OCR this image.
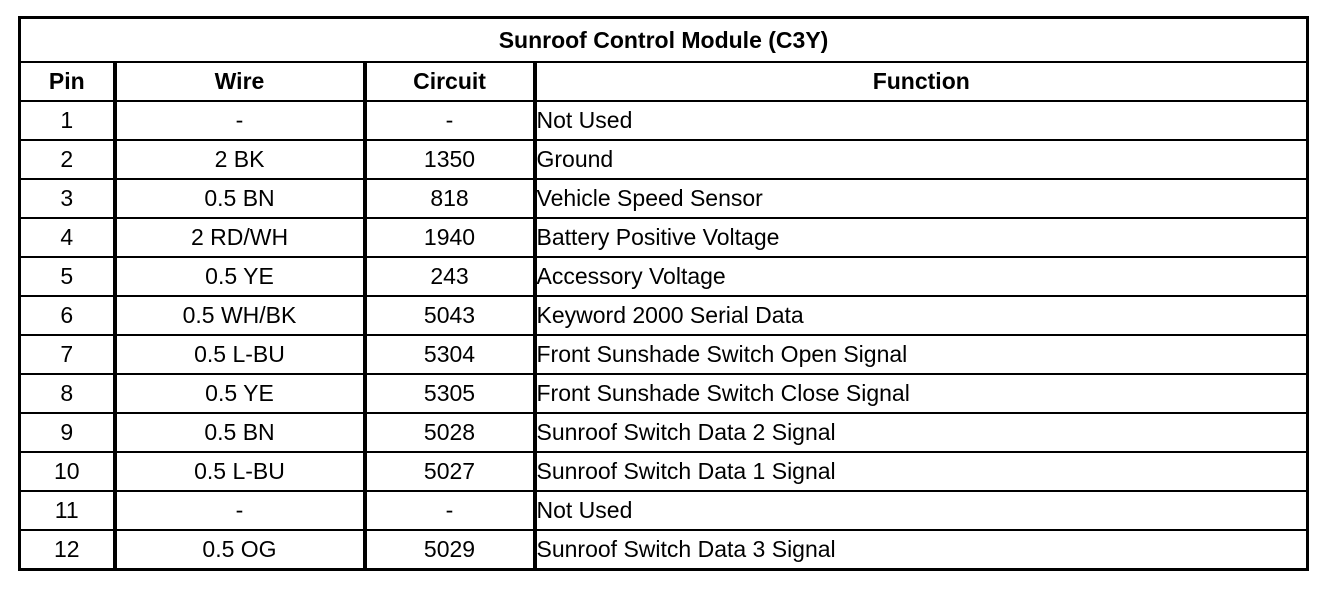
Sunroof Control Module (C3Y)			
Pin	Wire	Circuit	Function
1	-	-	Not Used
2	2 BK	1350	Ground
3	0.5 BN	818	Vehicle Speed Sensor
4	2 RD/WH	1940	Battery Positive Voltage
5	0.5 YE	243	Accessory Voltage
6	0.5 WH/BK	5043	Keyword 2000 Serial Data
7	0.5 L-BU	5304	Front Sunshade Switch Open Signal
8	0.5 YE	5305	Front Sunshade Switch Close Signal
9	0.5 BN	5028	Sunroof Switch Data 2 Signal
10	0.5 L-BU	5027	Sunroof Switch Data 1 Signal
11	-	-	Not Used
12	0.5 OG	5029	Sunroof Switch Data 3 Signal
